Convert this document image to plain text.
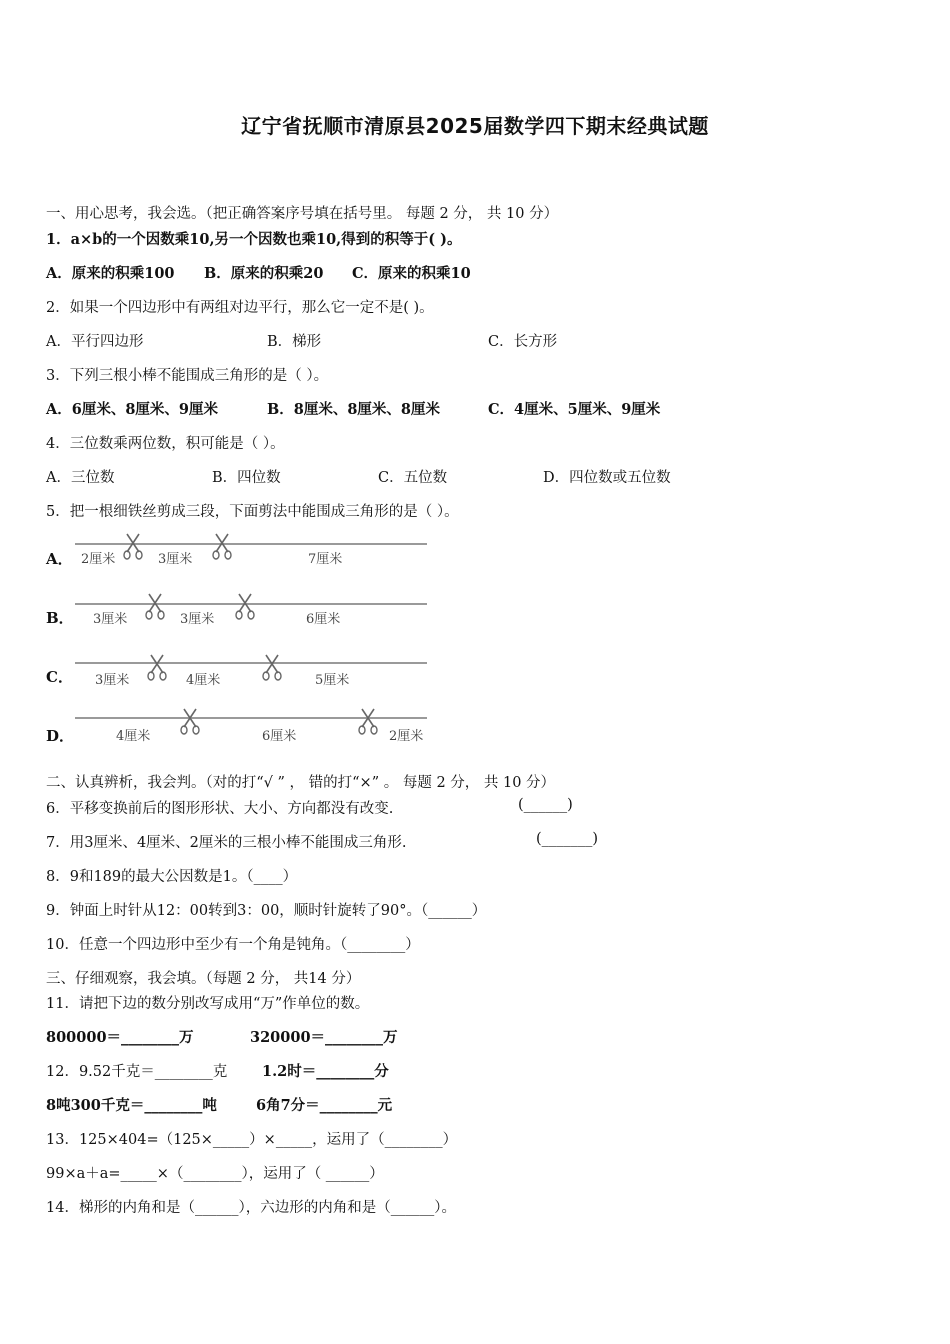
辽宁省抚顺市清原县2025届数学四下期末经典试题
一、用心思考，我会选。（把正确答案序号填在括号里。 每题 2 分， 共 10 分）
1．a×b的一个因数乘10,另一个因数也乘10,得到的积等于( )。
A．原来的积乘100 B．原来的积乘20 C．原来的积乘10
2．如果一个四边形中有两组对边平行，那么它一定不是( )。
A．平行四边形	B．梯形	C．长方形
3．下列三根小棒不能围成三角形的是（ ）。
A．6厘米、8厘米、9厘米	B．8厘米、8厘米、8厘米	C．4厘米、5厘米、9厘米
4．三位数乘两位数，积可能是（ ）。
A．三位数	B．四位数	C．五位数	D．四位数或五位数
5．把一根细铁丝剪成三段，下面剪法中能围成三角形的是（ ）。
A． 2厘米	3厘米	7厘米
B． 3厘米	3厘米	6厘米
C． 3厘米	4厘米	5厘米
D．	4厘米	6厘米	2厘米
二、认真辨析，我会判。（对的打“√ ” ， 错的打“×” 。 每题 2 分， 共 10 分）
6．平移变换前后的图形形状、大小、方向都没有改变.	(______)
7．用3厘米、4厘米、2厘米的三根小棒不能围成三角形.	(_______)
8．9和189的最大公因数是1。（____）
9．钟面上时针从12：00转到3：00，顺时针旋转了90°。（______）
10．任意一个四边形中至少有一个角是钝角。（________）
三、仔细观察，我会填。（每题 2 分， 共14 分）
11．请把下边的数分别改写成用“万”作单位的数。
800000＝________万	320000＝________万
12．9.52千克＝________克 1.2时＝________分
8吨300千克＝________吨	6角7分＝________元
13．125×404=（125×_____）×_____，运用了（________）
99×a＋a=_____×（________），运用了（ ______）
14．梯形的内角和是（______），六边形的内角和是（______）。
